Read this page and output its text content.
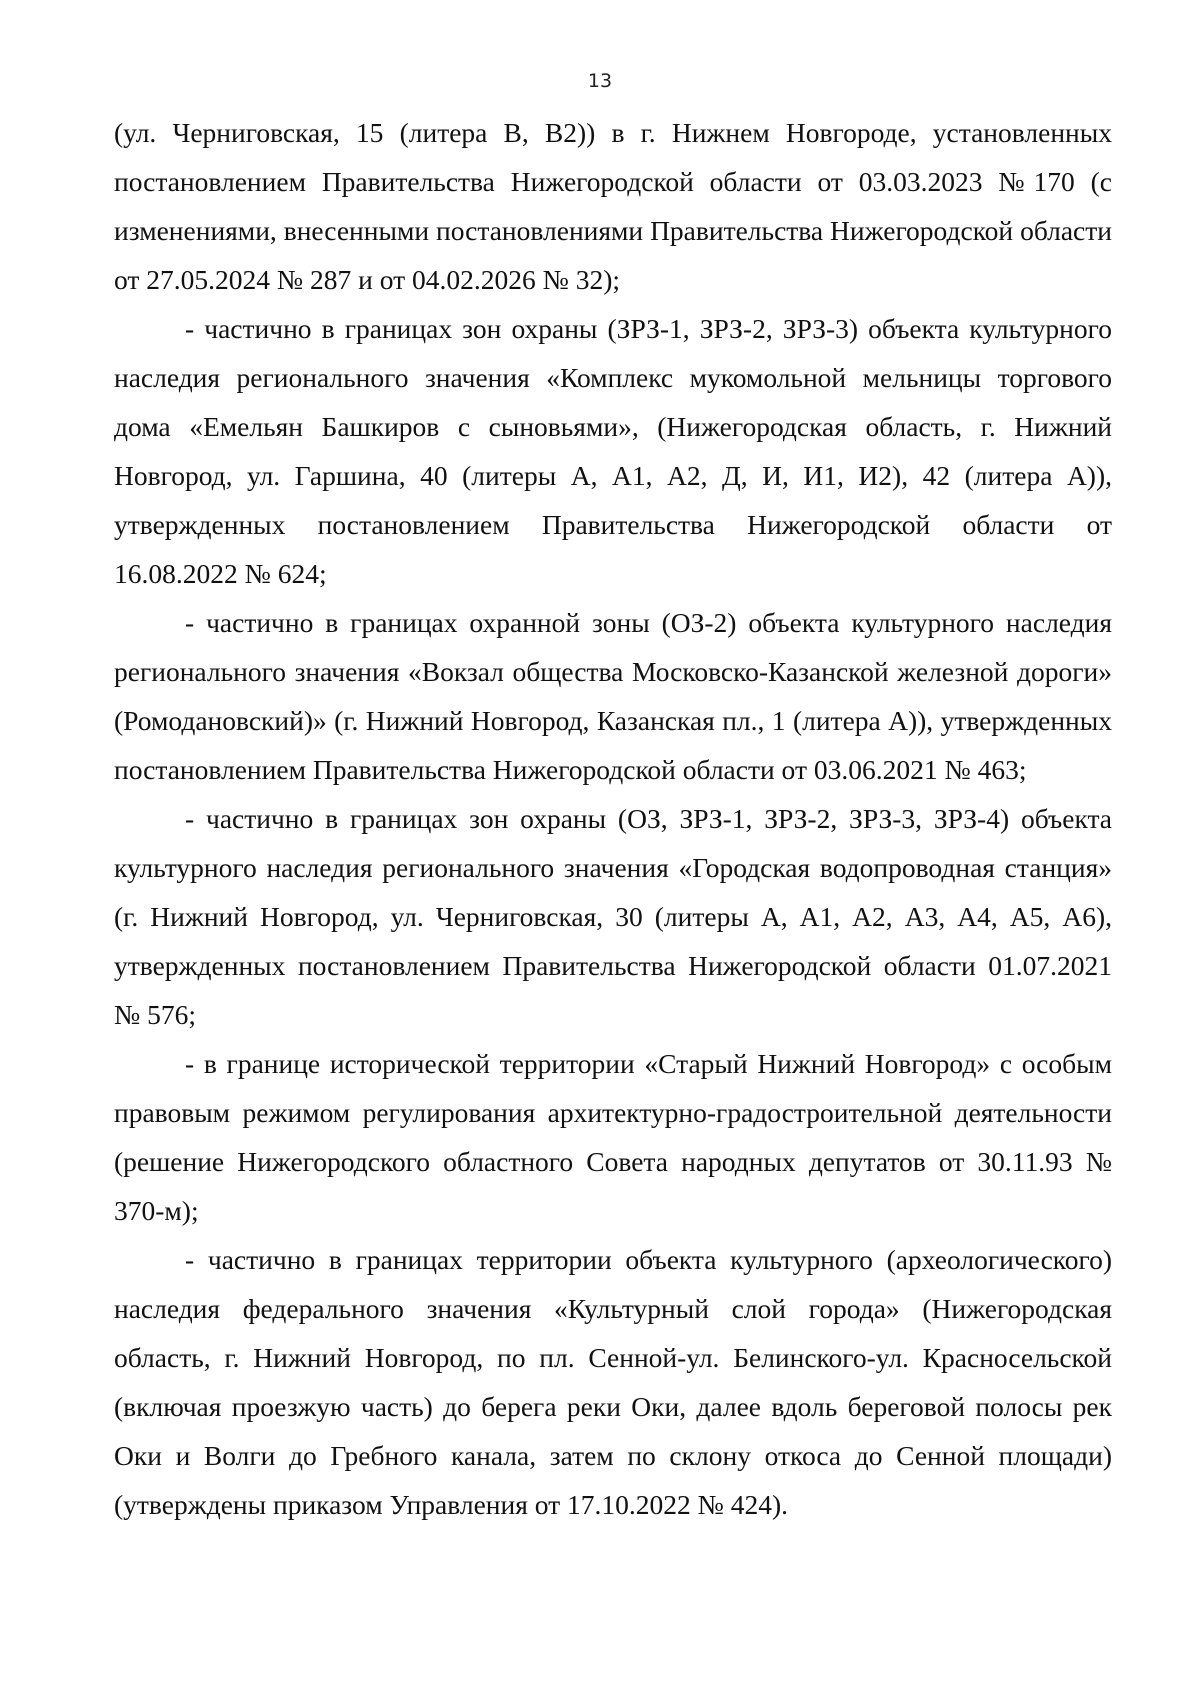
13

(ул. Черниговская, 15 (литера В, В2)) в г. Нижнем Новгороде, установленных постановлением Правительства Нижегородской области от 03.03.2023 №170 (с изменениями, внесенными постановлениями Правительства Нижегородской области от 27.05.2024 № 287 и от 04.02.2026 № 32);

- частично в границах зон охраны (ЗРЗ-1, ЗРЗ-2, ЗРЗ-3) объекта культурного наследия регионального значения «Комплекс мукомольной мельницы торгового дома «Емельян Башкиров с сыновьями», (Нижегородская область, г. Нижний Новгород, ул. Гаршина, 40 (литеры А, А1, А2, Д, И, И1, И2), 42 (литера А)), утвержденных постановлением Правительства Нижегородской области от 16.08.2022 № 624;

- частично в границах охранной зоны (ОЗ-2) объекта культурного наследия регионального значения «Вокзал общества Московско-Казанской железной дороги» (Ромодановский)» (г. Нижний Новгород, Казанская пл., 1 (литера А)), утвержденных постановлением Правительства Нижегородской области от 03.06.2021 № 463;

- частично в границах зон охраны (ОЗ, ЗРЗ-1, ЗРЗ-2, ЗРЗ-3, ЗРЗ-4) объекта культурного наследия регионального значения «Городская водопроводная станция» (г. Нижний Новгород, ул. Черниговская, 30 (литеры А, А1, А2, А3, А4, А5, А6), утвержденных постановлением Правительства Нижегородской области 01.07.2021 № 576;

- в границе исторической территории «Старый Нижний Новгород» с особым правовым режимом регулирования архитектурно-градостроительной деятельности (решение Нижегородского областного Совета народных депутатов от 30.11.93 № 370-м);

- частично в границах территории объекта культурного (археологического) наследия федерального значения «Культурный слой города» (Нижегородская область, г. Нижний Новгород, по пл. Сенной-ул. Белинского-ул. Красносельской (включая проезжую часть) до берега реки Оки, далее вдоль береговой полосы рек Оки и Волги до Гребного канала, затем по склону откоса до Сенной площади) (утверждены приказом Управления от 17.10.2022 № 424).
